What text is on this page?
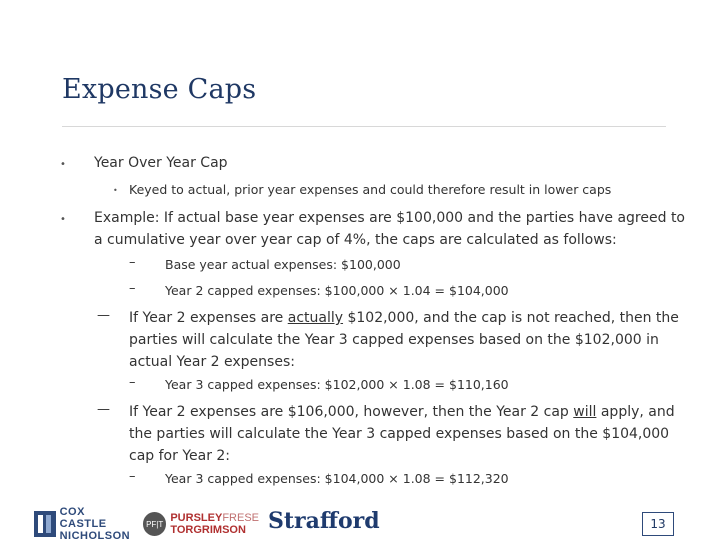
Expense Caps
• Year Over Year Cap
• Keyed to actual, prior year expenses and could therefore result in lower caps
• Example: If actual base year expenses are $100,000 and the parties have agreed to
a cumulative year over year cap of 4%, the caps are calculated as follows:
– Base year actual expenses: $100,000
– Year 2 capped expenses: $100,000 × 1.04 = $104,000
— If Year 2 expenses are actually $102,000, and the cap is not reached, then the
parties will calculate the Year 3 capped expenses based on the $102,000 in
actual Year 2 expenses:
– Year 3 capped expenses: $102,000 × 1.08 = $110,160
— If Year 2 expenses are $106,000, however, then the Year 2 cap will apply, and
the parties will calculate the Year 3 capped expenses based on the $104,000
cap for Year 2:
– Year 3 capped expenses: $104,000 × 1.08 = $112,320
COX CASTLE
NICHOLSON
PF|T PURSLEYFRESE
TORGRIMSON	Strafford	13
